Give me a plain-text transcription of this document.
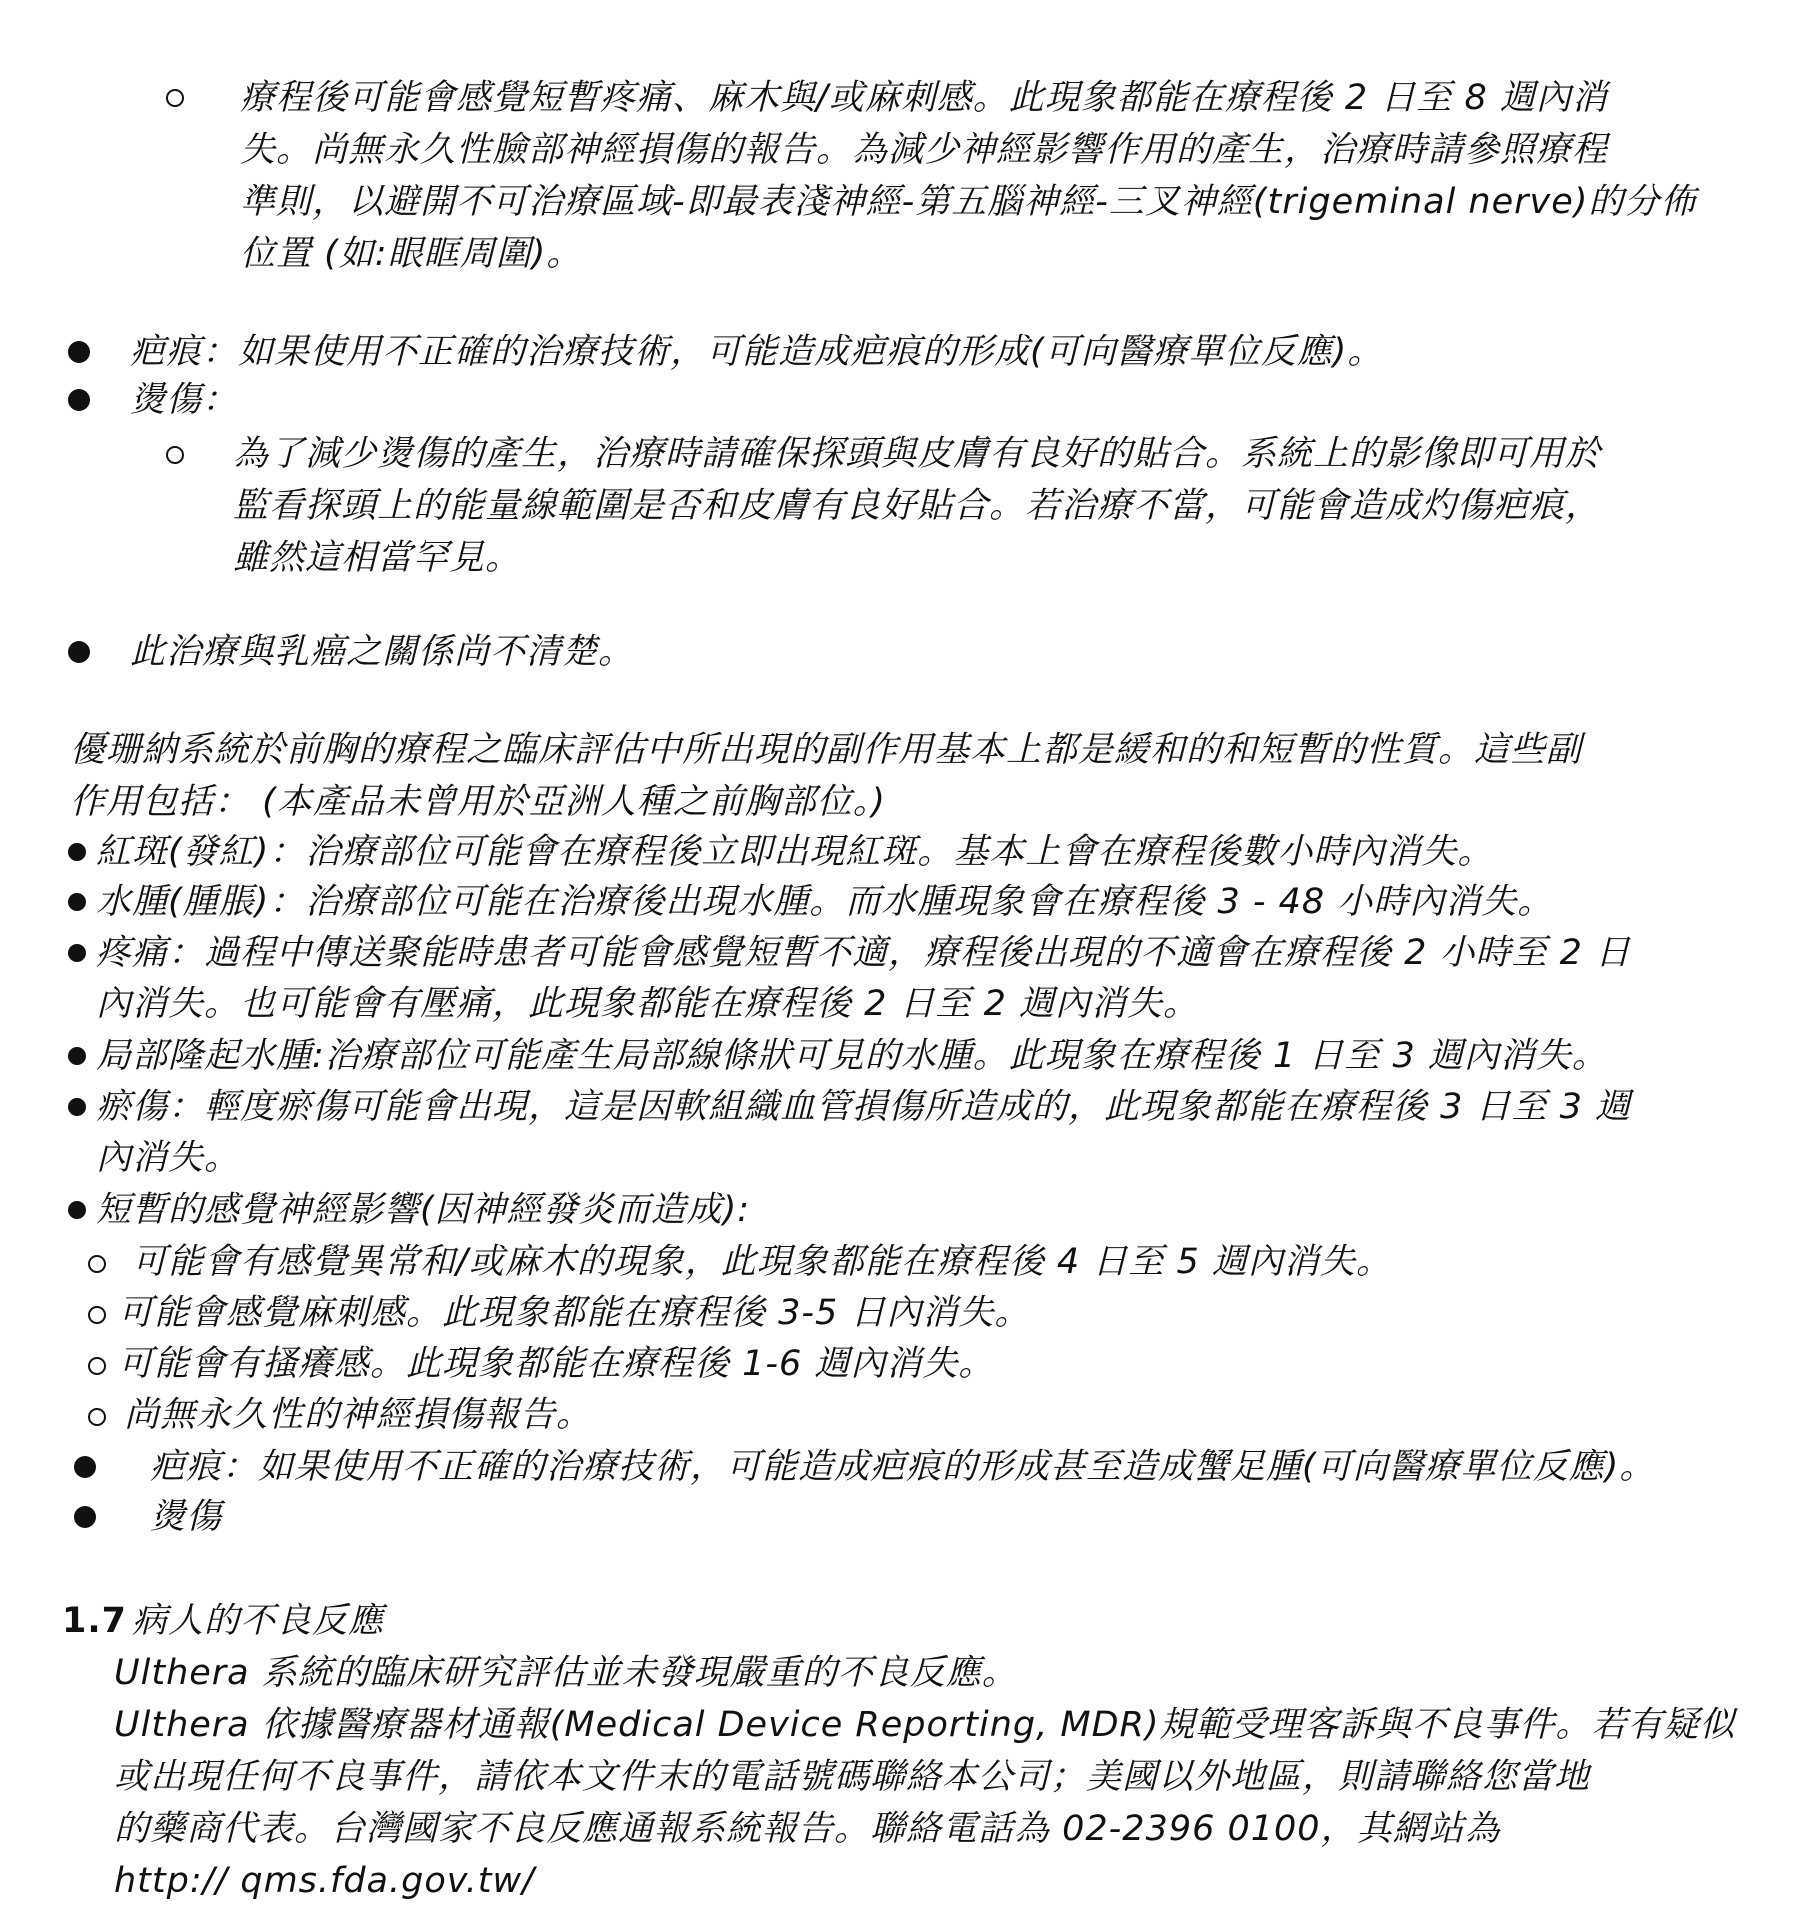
療程後可能會感覺短暫疼痛、麻木與/或麻刺感。此現象都能在療程後 2 日至 8 週內消
失。尚無永久性臉部神經損傷的報告。為減少神經影響作用的產生，治療時請參照療程
準則，以避開不可治療區域-即最表淺神經-第五腦神經-三叉神經(trigeminal nerve)的分佈
位置 (如:眼眶周圍)。
疤痕：如果使用不正確的治療技術，可能造成疤痕的形成(可向醫療單位反應)。
燙傷：
為了減少燙傷的產生，治療時請確保探頭與皮膚有良好的貼合。系統上的影像即可用於
監看探頭上的能量線範圍是否和皮膚有良好貼合。若治療不當，可能會造成灼傷疤痕，
雖然這相當罕見。
此治療與乳癌之關係尚不清楚。
優珊納系統於前胸的療程之臨床評估中所出現的副作用基本上都是緩和的和短暫的性質。這些副
作用包括： (本產品未曾用於亞洲人種之前胸部位。)
紅斑(發紅)：治療部位可能會在療程後立即出現紅斑。基本上會在療程後數小時內消失。
水腫(腫脹)：治療部位可能在治療後出現水腫。而水腫現象會在療程後 3 - 48 小時內消失。
疼痛：過程中傳送聚能時患者可能會感覺短暫不適，療程後出現的不適會在療程後 2 小時至 2 日
內消失。也可能會有壓痛，此現象都能在療程後 2 日至 2 週內消失。
局部隆起水腫:治療部位可能產生局部線條狀可見的水腫。此現象在療程後 1 日至 3 週內消失。
瘀傷：輕度瘀傷可能會出現，這是因軟組織血管損傷所造成的，此現象都能在療程後 3 日至 3 週
內消失。
短暫的感覺神經影響(因神經發炎而造成):
可能會有感覺異常和/或麻木的現象，此現象都能在療程後 4 日至 5 週內消失。
可能會感覺麻刺感。此現象都能在療程後 3-5 日內消失。
可能會有搔癢感。此現象都能在療程後 1-6 週內消失。
尚無永久性的神經損傷報告。
疤痕：如果使用不正確的治療技術，可能造成疤痕的形成甚至造成蟹足腫(可向醫療單位反應)。
燙傷
1.7 病人的不良反應
Ulthera 系統的臨床研究評估並未發現嚴重的不良反應。
Ulthera 依據醫療器材通報(Medical Device Reporting, MDR)規範受理客訴與不良事件。若有疑似
或出現任何不良事件，請依本文件末的電話號碼聯絡本公司；美國以外地區，則請聯絡您當地
的藥商代表。台灣國家不良反應通報系統報告。聯絡電話為 02-2396 0100，其網站為
http:// qms.fda.gov.tw/
